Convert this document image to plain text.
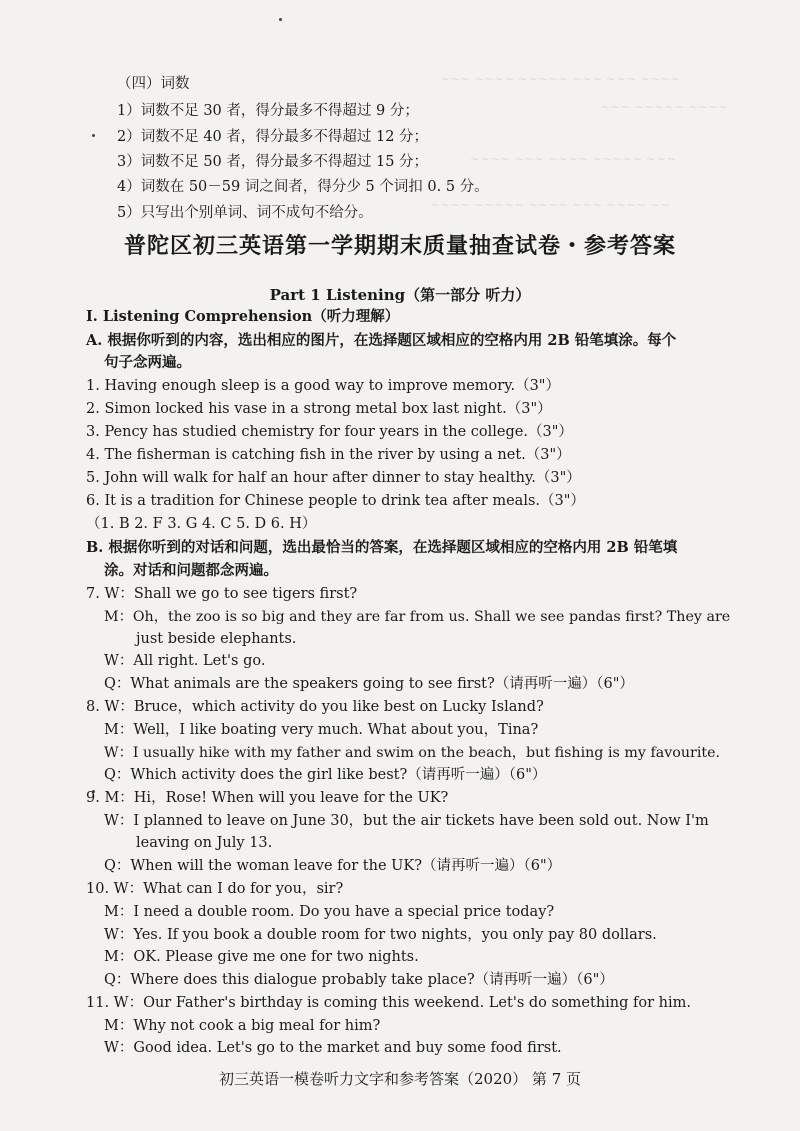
~~~ ~~~~ ~~~~~ ~~~ ~~~ ~~~~
~~~ ~~~~~ ~~~~
~~~~ ~~~ ~~~~ ~~~~~ ~~~
~~~~ ~~~~~ ~~~~ ~~~ ~~~~ ~~
（四）词数
1）词数不足 30 者，得分最多不得超过 9 分；
2）词数不足 40 者，得分最多不得超过 12 分；
3）词数不足 50 者，得分最多不得超过 15 分；
4）词数在 50－59 词之间者，得分少 5 个词扣 0. 5 分。
5）只写出个别单词、词不成句不给分。
普陀区初三英语第一学期期末质量抽查试卷・参考答案
Part 1 Listening（第一部分 听力）
Ⅰ. Listening Comprehension（听力理解）
A. 根据你听到的内容，选出相应的图片，在选择题区域相应的空格内用 2B 铅笔填涂。每个
句子念两遍。
1. Having enough sleep is a good way to improve memory.（3"）
2. Simon locked his vase in a strong metal box last night.（3"）
3. Pency has studied chemistry for four years in the college.（3"）
4. The fisherman is catching fish in the river by using a net.（3"）
5. John will walk for half an hour after dinner to stay healthy.（3"）
6. It is a tradition for Chinese people to drink tea after meals.（3"）
（1. B 2. F 3. G 4. C 5. D 6. H）
B. 根据你听到的对话和问题，选出最恰当的答案，在选择题区域相应的空格内用 2B 铅笔填
涂。对话和问题都念两遍。
7. W：Shall we go to see tigers first?
M：Oh，the zoo is so big and they are far from us. Shall we see pandas first? They are
just beside elephants.
W：All right. Let's go.
Q：What animals are the speakers going to see first?（请再听一遍）（6"）
8. W：Bruce，which activity do you like best on Lucky Island?
M：Well，I like boating very much. What about you，Tina?
W：I usually hike with my father and swim on the beach，but fishing is my favourite.
Q：Which activity does the girl like best?（请再听一遍）（6"）
9. M：Hi，Rose! When will you leave for the UK?
W：I planned to leave on June 30，but the air tickets have been sold out. Now I'm
leaving on July 13.
Q：When will the woman leave for the UK?（请再听一遍）（6"）
10. W：What can I do for you，sir?
M：I need a double room. Do you have a special price today?
W：Yes. If you book a double room for two nights，you only pay 80 dollars.
M：OK. Please give me one for two nights.
Q：Where does this dialogue probably take place?（请再听一遍）（6"）
11. W：Our Father's birthday is coming this weekend. Let's do something for him.
M：Why not cook a big meal for him?
W：Good idea. Let's go to the market and buy some food first.
初三英语一模卷听力文字和参考答案（2020） 第 7 页
